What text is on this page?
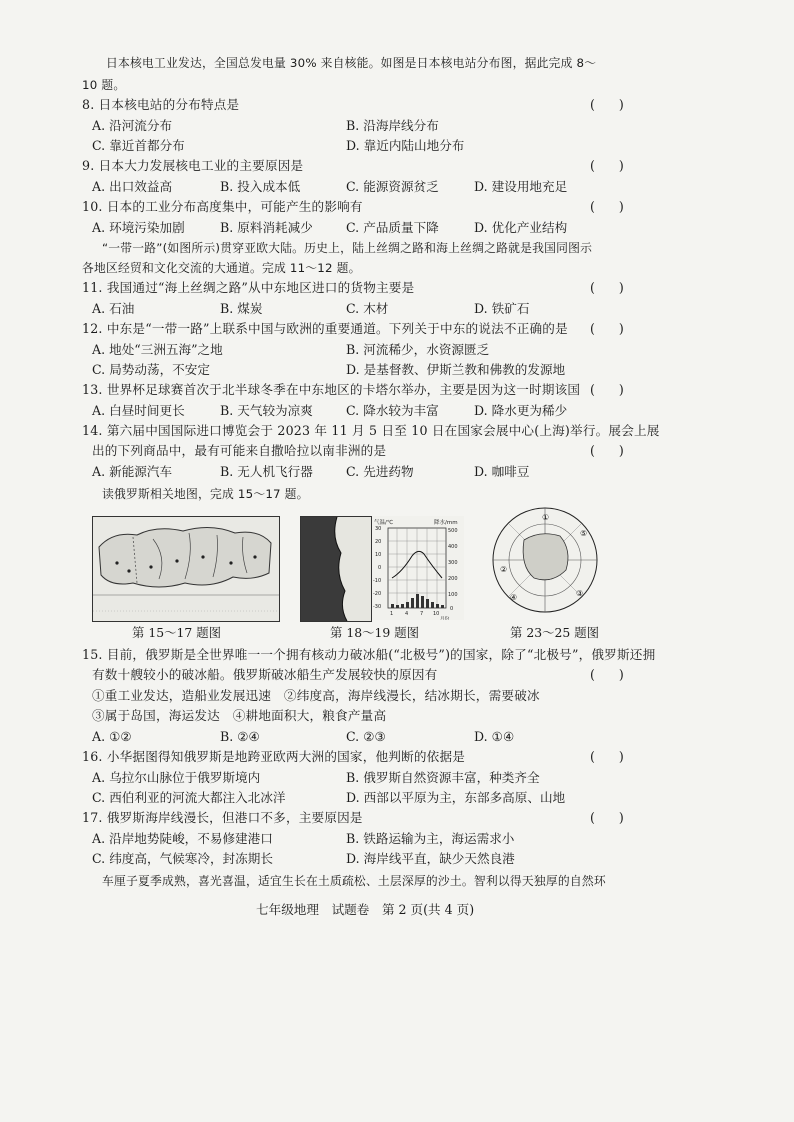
日本核电工业发达，全国总发电量 30% 来自核能。如图是日本核电站分布图，据此完成 8～
10 题。
8. 日本核电站的分布特点是	( )
A. 沿河流分布	B. 沿海岸线分布
C. 靠近首都分布	D. 靠近内陆山地分布
9. 日本大力发展核电工业的主要原因是	( )
A. 出口效益高	B. 投入成本低	C. 能源资源贫乏	D. 建设用地充足
10. 日本的工业分布高度集中，可能产生的影响有	( )
A. 环境污染加剧	B. 原料消耗减少	C. 产品质量下降	D. 优化产业结构
“一带一路”(如图所示)贯穿亚欧大陆。历史上，陆上丝绸之路和海上丝绸之路就是我国同图示
各地区经贸和文化交流的大通道。完成 11～12 题。
11. 我国通过“海上丝绸之路”从中东地区进口的货物主要是	( )
A. 石油	B. 煤炭	C. 木材	D. 铁矿石
12. 中东是“一带一路”上联系中国与欧洲的重要通道。下列关于中东的说法不正确的是 ( )
A. 地处“三洲五海”之地	B. 河流稀少，水资源匮乏
C. 局势动荡，不安定	D. 是基督教、伊斯兰教和佛教的发源地
13. 世界杯足球赛首次于北半球冬季在中东地区的卡塔尔举办，主要是因为这一时期该国 ( )
A. 白昼时间更长	B. 天气较为凉爽	C. 降水较为丰富	D. 降水更为稀少
14. 第六届中国国际进口博览会于 2023 年 11 月 5 日至 10 日在国家会展中心(上海)举行。展会上展
出的下列商品中，最有可能来自撒哈拉以南非洲的是	( )
A. 新能源汽车	B. 无人机飞行器	C. 先进药物	D. 咖啡豆
读俄罗斯相关地图，完成 15～17 题。
第 15～17 题图
气温/℃	降水/mm
30
20
10
0
-10
-20
-30
500
400
300
200
100
0
1 4 7 10
月份
第 18～19 题图
①
②
③
④
⑤
第 23～25 题图
15. 目前，俄罗斯是全世界唯一一个拥有核动力破冰船(“北极号”)的国家，除了“北极号”，俄罗斯还拥
有数十艘较小的破冰船。俄罗斯破冰船生产发展较快的原因有	( )
①重工业发达，造船业发展迅速　②纬度高，海岸线漫长，结冰期长，需要破冰
③属于岛国，海运发达　④耕地面积大，粮食产量高
A. ①②	B. ②④	C. ②③	D. ①④
16. 小华据图得知俄罗斯是地跨亚欧两大洲的国家，他判断的依据是	( )
A. 乌拉尔山脉位于俄罗斯境内	B. 俄罗斯自然资源丰富，种类齐全
C. 西伯利亚的河流大都注入北冰洋	D. 西部以平原为主，东部多高原、山地
17. 俄罗斯海岸线漫长，但港口不多，主要原因是	( )
A. 沿岸地势陡峻，不易修建港口	B. 铁路运输为主，海运需求小
C. 纬度高，气候寒冷，封冻期长	D. 海岸线平直，缺少天然良港
车厘子夏季成熟，喜光喜温，适宜生长在土质疏松、土层深厚的沙土。智利以得天独厚的自然环
七年级地理　 试题卷　 第 2 页(共 4 页)
